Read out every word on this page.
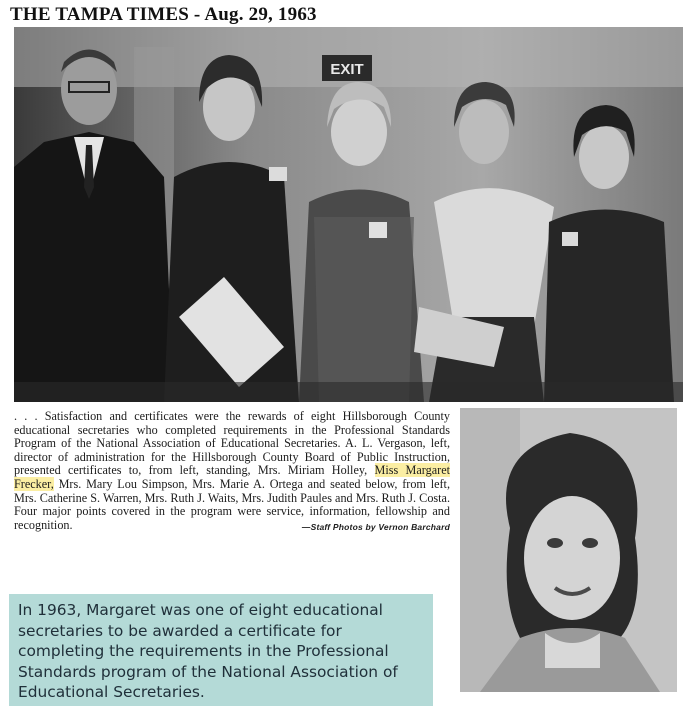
THE TAMPA TIMES - Aug. 29, 1963
EXIT
. . . Satisfaction and certificates were the rewards of eight Hillsborough County educational secretaries who completed requirements in the Professional Standards Program of the National Association of Educational Secretaries. A. L. Vergason, left, director of administration for the Hillsborough County Board of Public Instruction, presented certificates to, from left, standing, Mrs. Miriam Holley, Miss Margaret Frecker, Mrs. Mary Lou Simpson, Mrs. Marie A. Ortega and seated below, from left, Mrs. Catherine S. Warren, Mrs. Ruth J. Waits, Mrs. Judith Paules and Mrs. Ruth J. Costa. Four major points covered in the program were service, information, fellowship and recognition.	—Staff Photos by Vernon Barchard
In 1963, Margaret was one of eight educational secretaries to be awarded a certificate for completing the requirements in the Professional Standards program of the National Association of Educational Secretaries.
